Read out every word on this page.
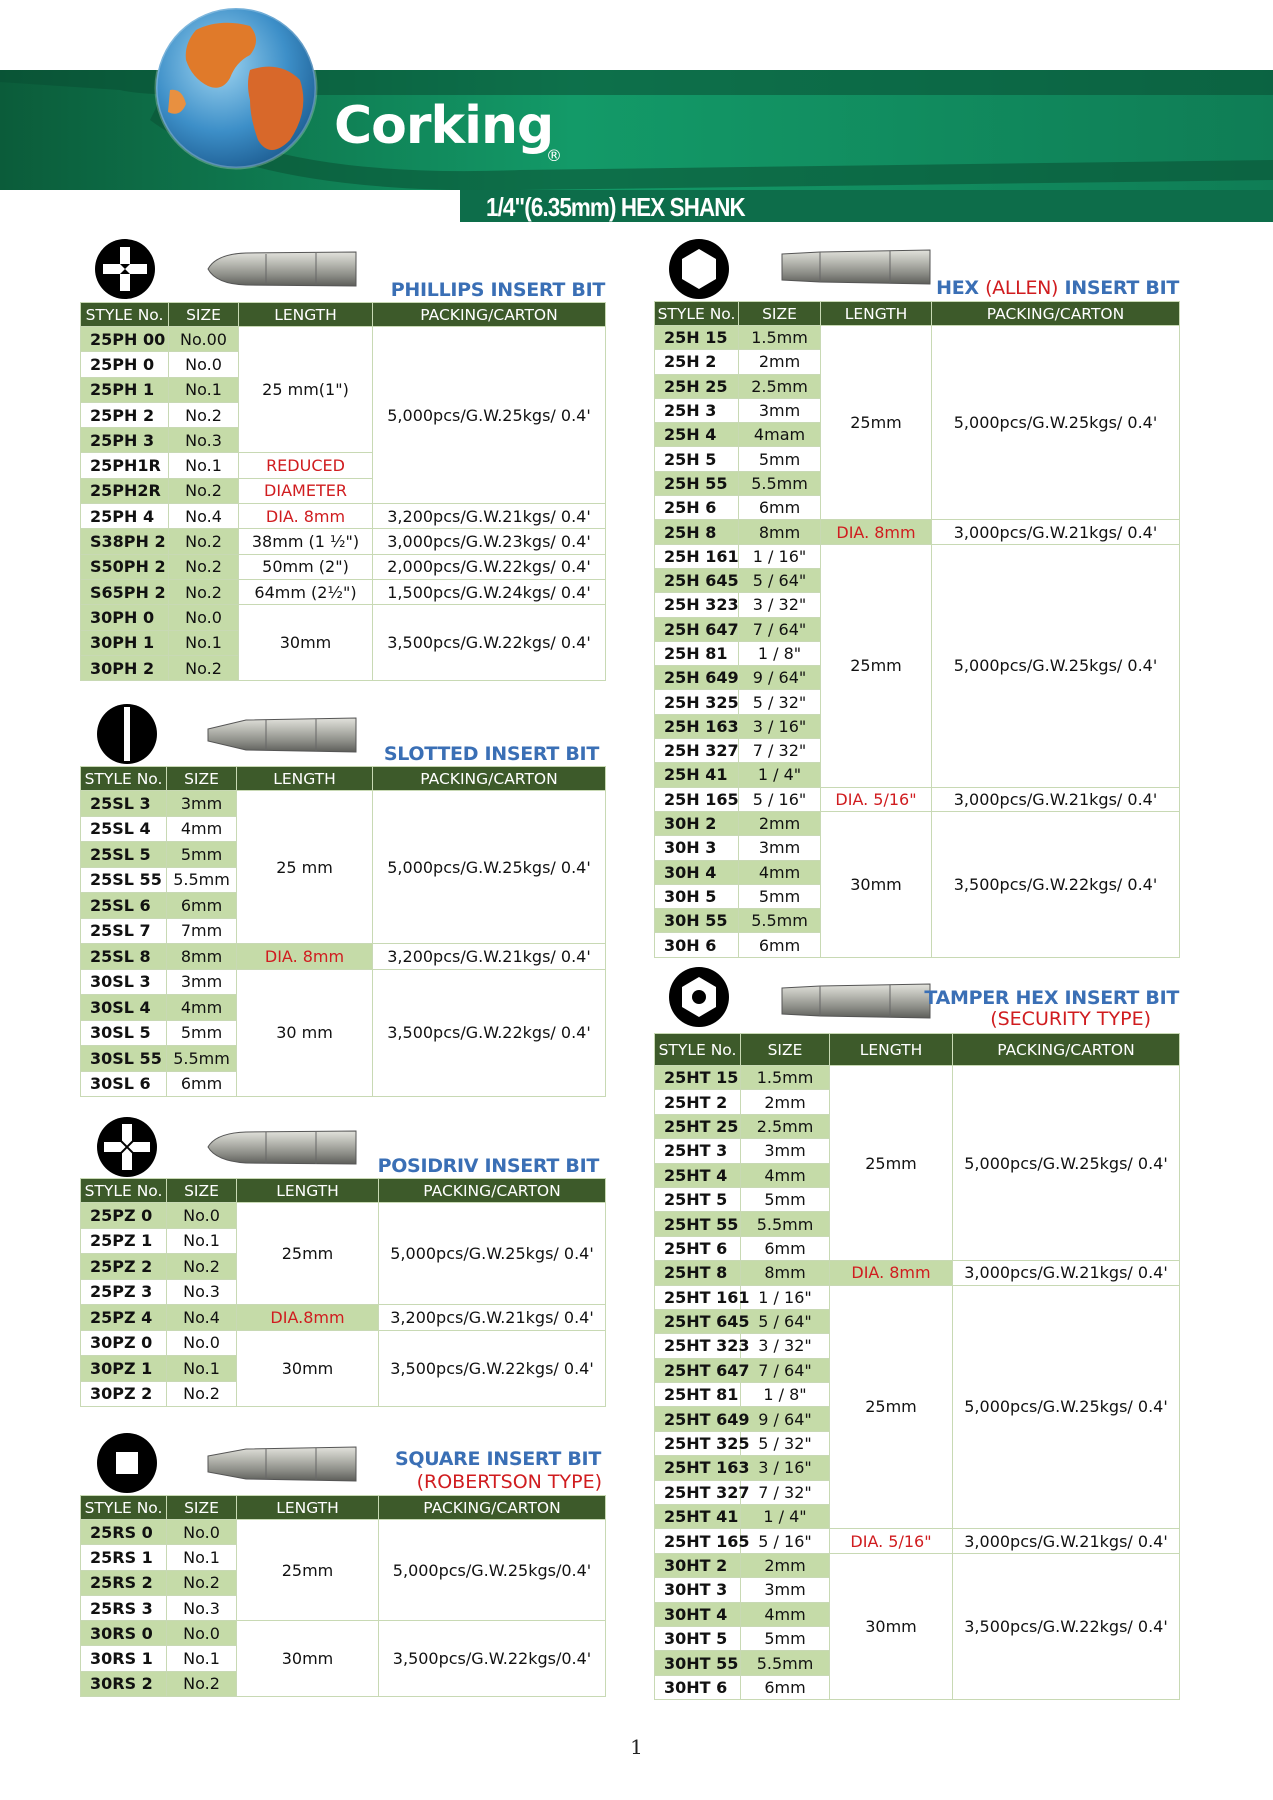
Corking
®
1/4"(6.35mm) HEX SHANK
PHILLIPS INSERT BIT
STYLE No.	SIZE	LENGTH	PACKING/CARTON
25PH 00	No.00	25 mm(1")	5,000pcs/G.W.25kgs/ 0.4'
25PH 0	No.0		
25PH 1	No.1		
25PH 2	No.2		
25PH 3	No.3		
25PH1R	No.1	REDUCED	
25PH2R	No.2	DIAMETER	
25PH 4	No.4	DIA. 8mm	3,200pcs/G.W.21kgs/ 0.4'
S38PH 2	No.2	38mm (1 ½")	3,000pcs/G.W.23kgs/ 0.4'
S50PH 2	No.2	50mm (2")	2,000pcs/G.W.22kgs/ 0.4'
S65PH 2	No.2	64mm (2½")	1,500pcs/G.W.24kgs/ 0.4'
30PH 0	No.0	30mm	3,500pcs/G.W.22kgs/ 0.4'
30PH 1	No.1		
30PH 2	No.2		
SLOTTED INSERT BIT
STYLE No.	SIZE	LENGTH	PACKING/CARTON
25SL 3	3mm	25 mm	5,000pcs/G.W.25kgs/ 0.4'
25SL 4	4mm		
25SL 5	5mm		
25SL 55	5.5mm		
25SL 6	6mm		
25SL 7	7mm		
25SL 8	8mm	DIA. 8mm	3,200pcs/G.W.21kgs/ 0.4'
30SL 3	3mm	30 mm	3,500pcs/G.W.22kgs/ 0.4'
30SL 4	4mm		
30SL 5	5mm		
30SL 55	5.5mm		
30SL 6	6mm		
POSIDRIV INSERT BIT
STYLE No.	SIZE	LENGTH	PACKING/CARTON
25PZ 0	No.0	25mm	5,000pcs/G.W.25kgs/ 0.4'
25PZ 1	No.1		
25PZ 2	No.2		
25PZ 3	No.3		
25PZ 4	No.4	DIA.8mm	3,200pcs/G.W.21kgs/ 0.4'
30PZ 0	No.0	30mm	3,500pcs/G.W.22kgs/ 0.4'
30PZ 1	No.1		
30PZ 2	No.2		
SQUARE INSERT BIT
(ROBERTSON TYPE)
STYLE No.	SIZE	LENGTH	PACKING/CARTON
25RS 0	No.0	25mm	5,000pcs/G.W.25kgs/0.4'
25RS 1	No.1		
25RS 2	No.2		
25RS 3	No.3		
30RS 0	No.0	30mm	3,500pcs/G.W.22kgs/0.4'
30RS 1	No.1		
30RS 2	No.2		
HEX (ALLEN) INSERT BIT
STYLE No.	SIZE	LENGTH	PACKING/CARTON
25H 15	1.5mm	25mm	5,000pcs/G.W.25kgs/ 0.4'
25H 2	2mm		
25H 25	2.5mm		
25H 3	3mm		
25H 4	4mam		
25H 5	5mm		
25H 55	5.5mm		
25H 6	6mm		
25H 8	8mm	DIA. 8mm	3,000pcs/G.W.21kgs/ 0.4'
25H 161	1 / 16"	25mm	5,000pcs/G.W.25kgs/ 0.4'
25H 645	5 / 64"		
25H 323	3 / 32"		
25H 647	7 / 64"		
25H 81	1 / 8"		
25H 649	9 / 64"		
25H 325	5 / 32"		
25H 163	3 / 16"		
25H 327	7 / 32"		
25H 41	1 / 4"		
25H 165	5 / 16"	DIA. 5/16"	3,000pcs/G.W.21kgs/ 0.4'
30H 2	2mm	30mm	3,500pcs/G.W.22kgs/ 0.4'
30H 3	3mm		
30H 4	4mm		
30H 5	5mm		
30H 55	5.5mm		
30H 6	6mm		
TAMPER HEX INSERT BIT
(SECURITY TYPE)
STYLE No.	SIZE	LENGTH	PACKING/CARTON
25HT 15	1.5mm	25mm	5,000pcs/G.W.25kgs/ 0.4'
25HT 2	2mm		
25HT 25	2.5mm		
25HT 3	3mm		
25HT 4	4mm		
25HT 5	5mm		
25HT 55	5.5mm		
25HT 6	6mm		
25HT 8	8mm	DIA. 8mm	3,000pcs/G.W.21kgs/ 0.4'
25HT 161	1 / 16"	25mm	5,000pcs/G.W.25kgs/ 0.4'
25HT 645	5 / 64"		
25HT 323	3 / 32"		
25HT 647	7 / 64"		
25HT 81	1 / 8"		
25HT 649	9 / 64"		
25HT 325	5 / 32"		
25HT 163	3 / 16"		
25HT 327	7 / 32"		
25HT 41	1 / 4"		
25HT 165	5 / 16"	DIA. 5/16"	3,000pcs/G.W.21kgs/ 0.4'
30HT 2	2mm	30mm	3,500pcs/G.W.22kgs/ 0.4'
30HT 3	3mm		
30HT 4	4mm		
30HT 5	5mm		
30HT 55	5.5mm		
30HT 6	6mm		
1
